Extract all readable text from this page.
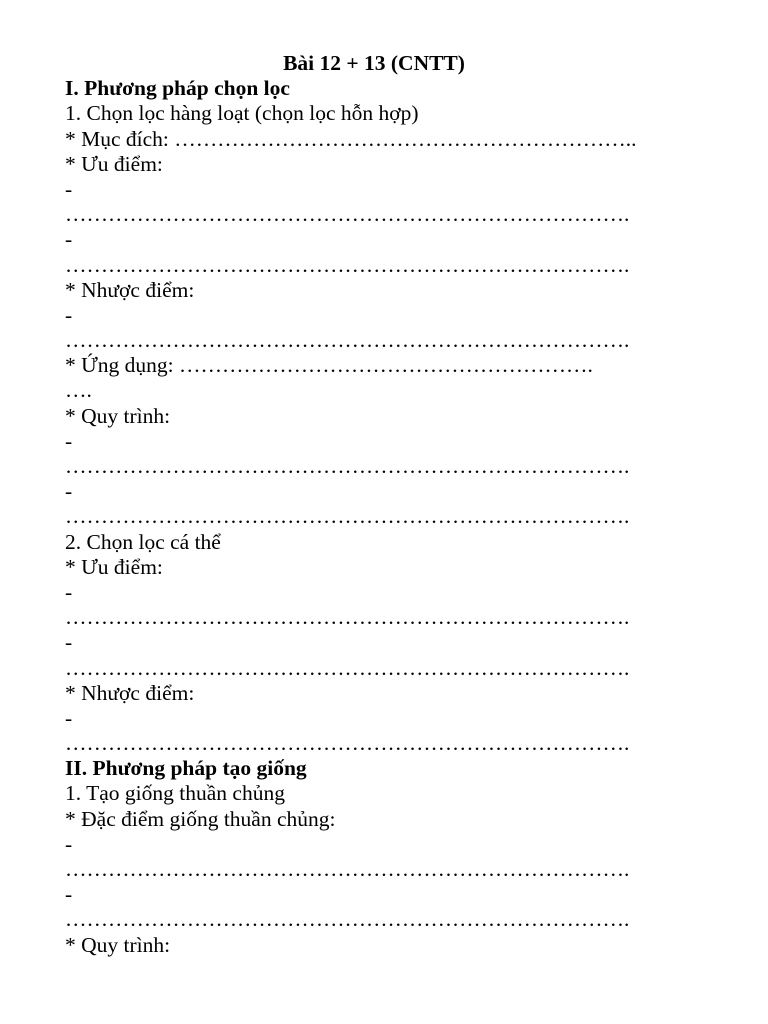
Bài 12 + 13 (CNTT)
I. Phương pháp chọn lọc
1. Chọn lọc hàng loạt (chọn lọc hỗn hợp)
* Mục đích: ………………………………………………………..
* Ưu điểm:
-
…………………………………………………………………….
-
…………………………………………………………………….
* Nhược điểm:
-
…………………………………………………………………….
* Ứng dụng: ………………………………………………….
….
* Quy trình:
-
…………………………………………………………………….
-
…………………………………………………………………….
2. Chọn lọc cá thể
* Ưu điểm:
-
…………………………………………………………………….
-
…………………………………………………………………….
* Nhược điểm:
-
…………………………………………………………………….
II. Phương pháp tạo giống
1. Tạo giống thuần chủng
* Đặc điểm giống thuần chủng:
-
…………………………………………………………………….
-
…………………………………………………………………….
* Quy trình:
